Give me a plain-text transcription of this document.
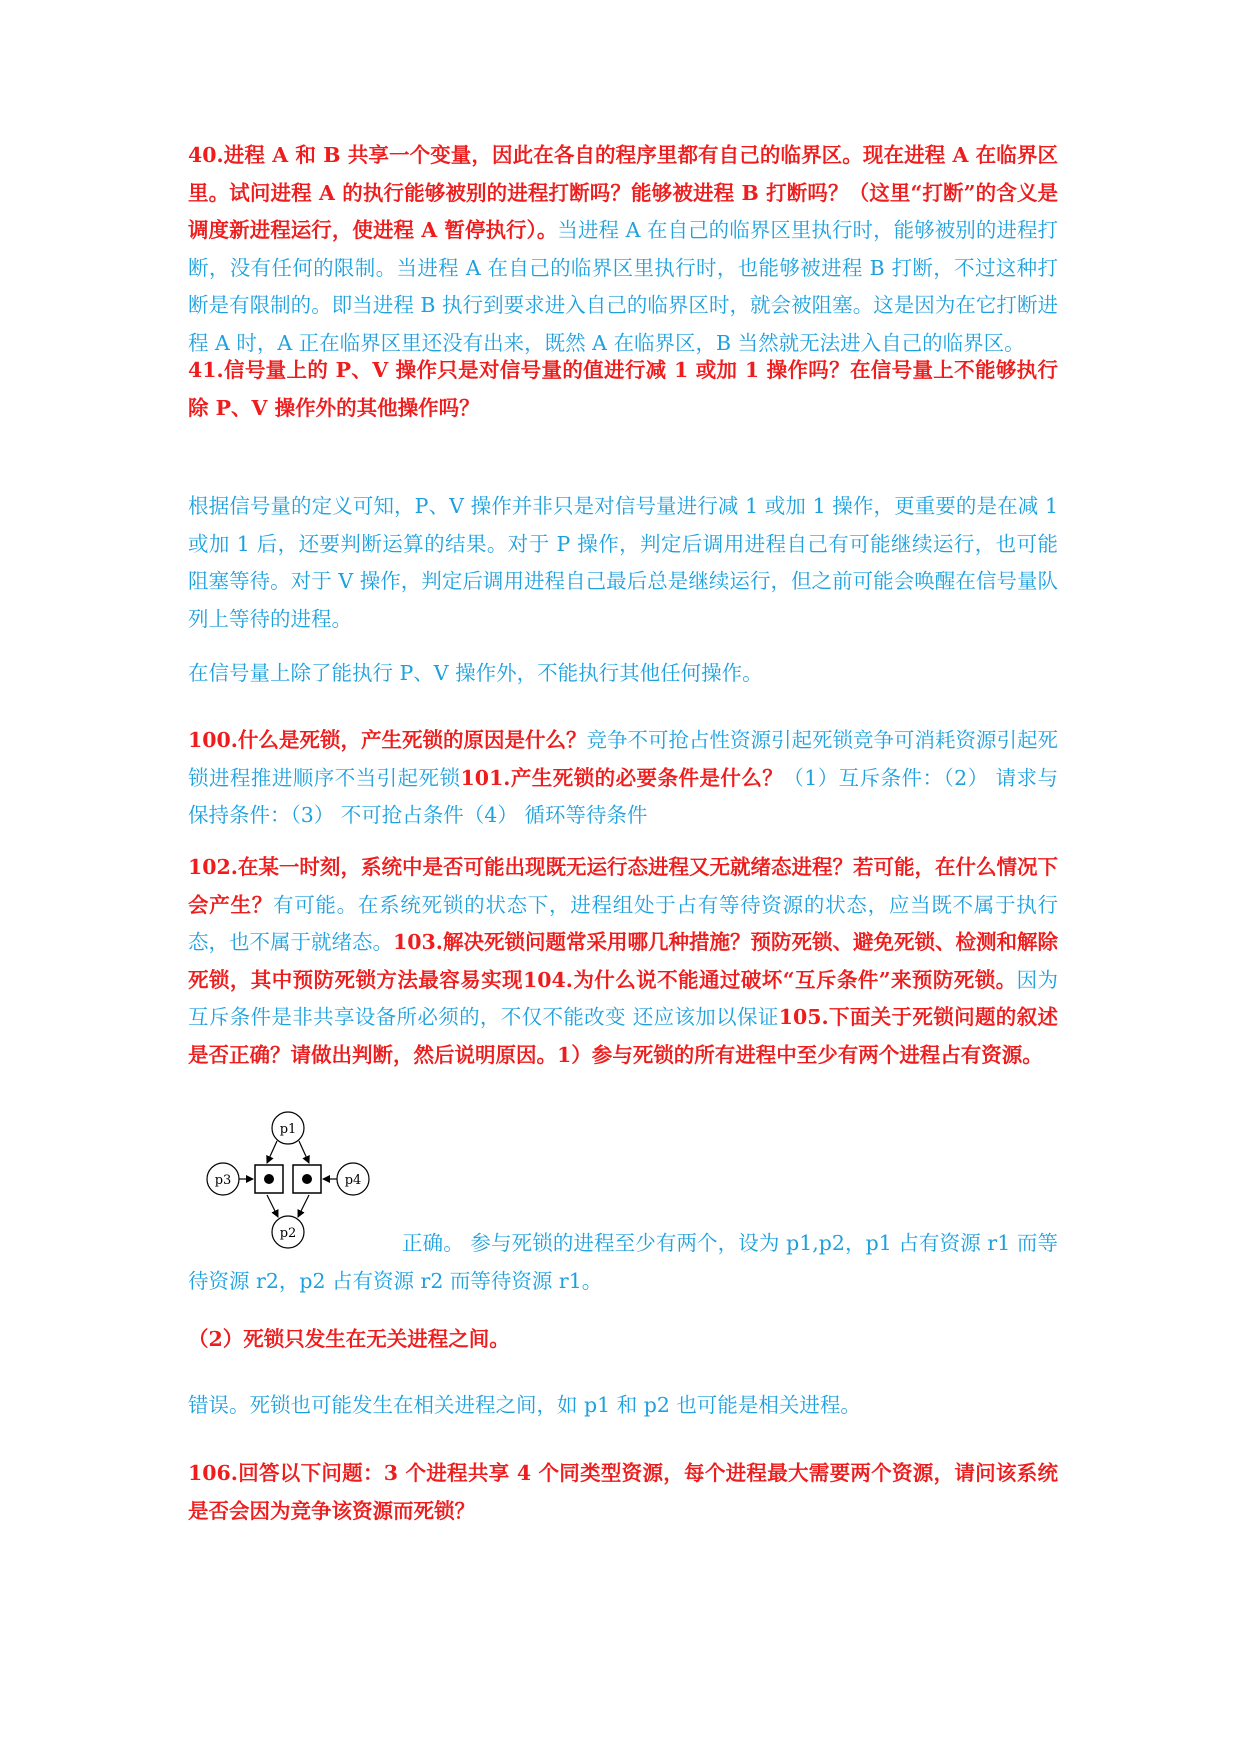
40.进程 A 和 B 共享一个变量，因此在各自的程序里都有自己的临界区。现在进程 A 在临界区里。试问进程 A 的执行能够被别的进程打断吗？能够被进程 B 打断吗？（这里“打断”的含义是调度新进程运行，使进程 A 暂停执行）。当进程 A 在自己的临界区里执行时，能够被别的进程打断，没有任何的限制。当进程 A 在自己的临界区里执行时，也能够被进程 B 打断，不过这种打断是有限制的。即当进程 B 执行到要求进入自己的临界区时，就会被阻塞。这是因为在它打断进程 A 时，A 正在临界区里还没有出来，既然 A 在临界区，B 当然就无法进入自己的临界区。
41.信号量上的 P、V 操作只是对信号量的值进行减 1 或加 1 操作吗？在信号量上不能够执行除 P、V 操作外的其他操作吗？
根据信号量的定义可知，P、V 操作并非只是对信号量进行减 1 或加 1 操作，更重要的是在减 1 或加 1 后，还要判断运算的结果。对于 P 操作，判定后调用进程自己有可能继续运行，也可能阻塞等待。对于 V 操作，判定后调用进程自己最后总是继续运行，但之前可能会唤醒在信号量队列上等待的进程。
在信号量上除了能执行 P、V 操作外，不能执行其他任何操作。
100.什么是死锁，产生死锁的原因是什么？竞争不可抢占性资源引起死锁竞争可消耗资源引起死锁进程推进顺序不当引起死锁101.产生死锁的必要条件是什么？（1）互斥条件：（2） 请求与保持条件：（3） 不可抢占条件（4） 循环等待条件
102.在某一时刻，系统中是否可能出现既无运行态进程又无就绪态进程？若可能，在什么情况下会产生？有可能。在系统死锁的状态下，进程组处于占有等待资源的状态，应当既不属于执行态，也不属于就绪态。103.解决死锁问题常采用哪几种措施？预防死锁、避免死锁、检测和解除死锁，其中预防死锁方法最容易实现104.为什么说不能通过破坏“互斥条件”来预防死锁。因为互斥条件是非共享设备所必须的，不仅不能改变 还应该加以保证105.下面关于死锁问题的叙述是否正确？请做出判断，然后说明原因。1）参与死锁的所有进程中至少有两个进程占有资源。
p1
p2
p3	p4
正确。 参与死锁的进程至少有两个，设为 p1,p2，p1 占有资源 r1 而等待资源 r2，p2 占有资源 r2 而等待资源 r1。
（2）死锁只发生在无关进程之间。
错误。死锁也可能发生在相关进程之间，如 p1 和 p2 也可能是相关进程。
106.回答以下问题：3 个进程共享 4 个同类型资源，每个进程最大需要两个资源，请问该系统是否会因为竞争该资源而死锁？
